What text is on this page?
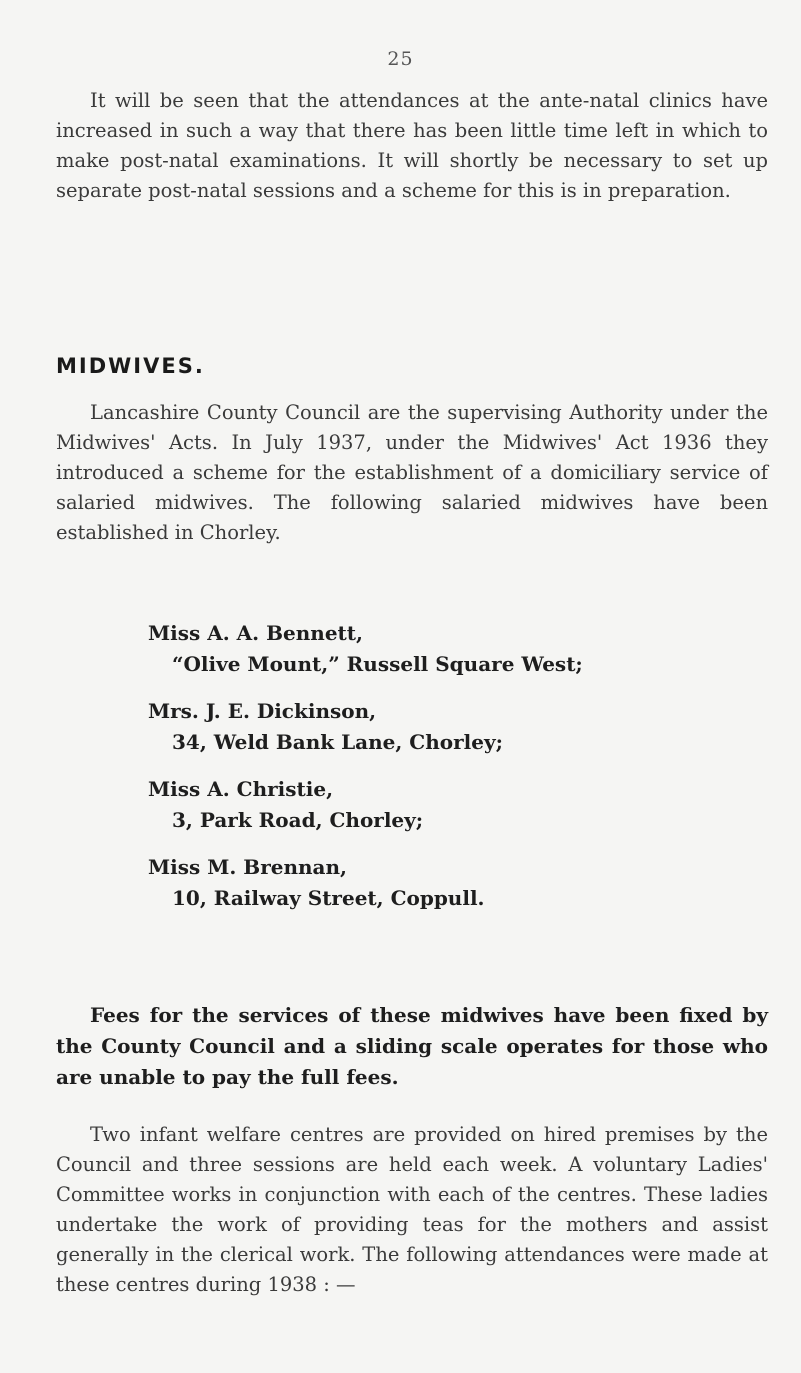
25

It will be seen that the attendances at the ante-natal clinics have increased in such a way that there has been little time left in which to make post-natal examinations. It will shortly be necessary to set up separate post-natal sessions and a scheme for this is in preparation.

MIDWIVES.

Lancashire County Council are the supervising Authority under the Midwives' Acts. In July 1937, under the Midwives' Act 1936 they introduced a scheme for the establishment of a domiciliary service of salaried midwives. The following salaried midwives have been established in Chorley.

Miss A. A. Bennett,
“Olive Mount,” Russell Square West;
Mrs. J. E. Dickinson,
34, Weld Bank Lane, Chorley;
Miss A. Christie,
3, Park Road, Chorley;
Miss M. Brennan,
10, Railway Street, Coppull.

Fees for the services of these midwives have been fixed by the County Council and a sliding scale operates for those who are unable to pay the full fees.

Two infant welfare centres are provided on hired premises by the Council and three sessions are held each week. A voluntary Ladies' Committee works in conjunction with each of the centres. These ladies undertake the work of providing teas for the mothers and assist generally in the clerical work. The following attendances were made at these centres during 1938 : —
